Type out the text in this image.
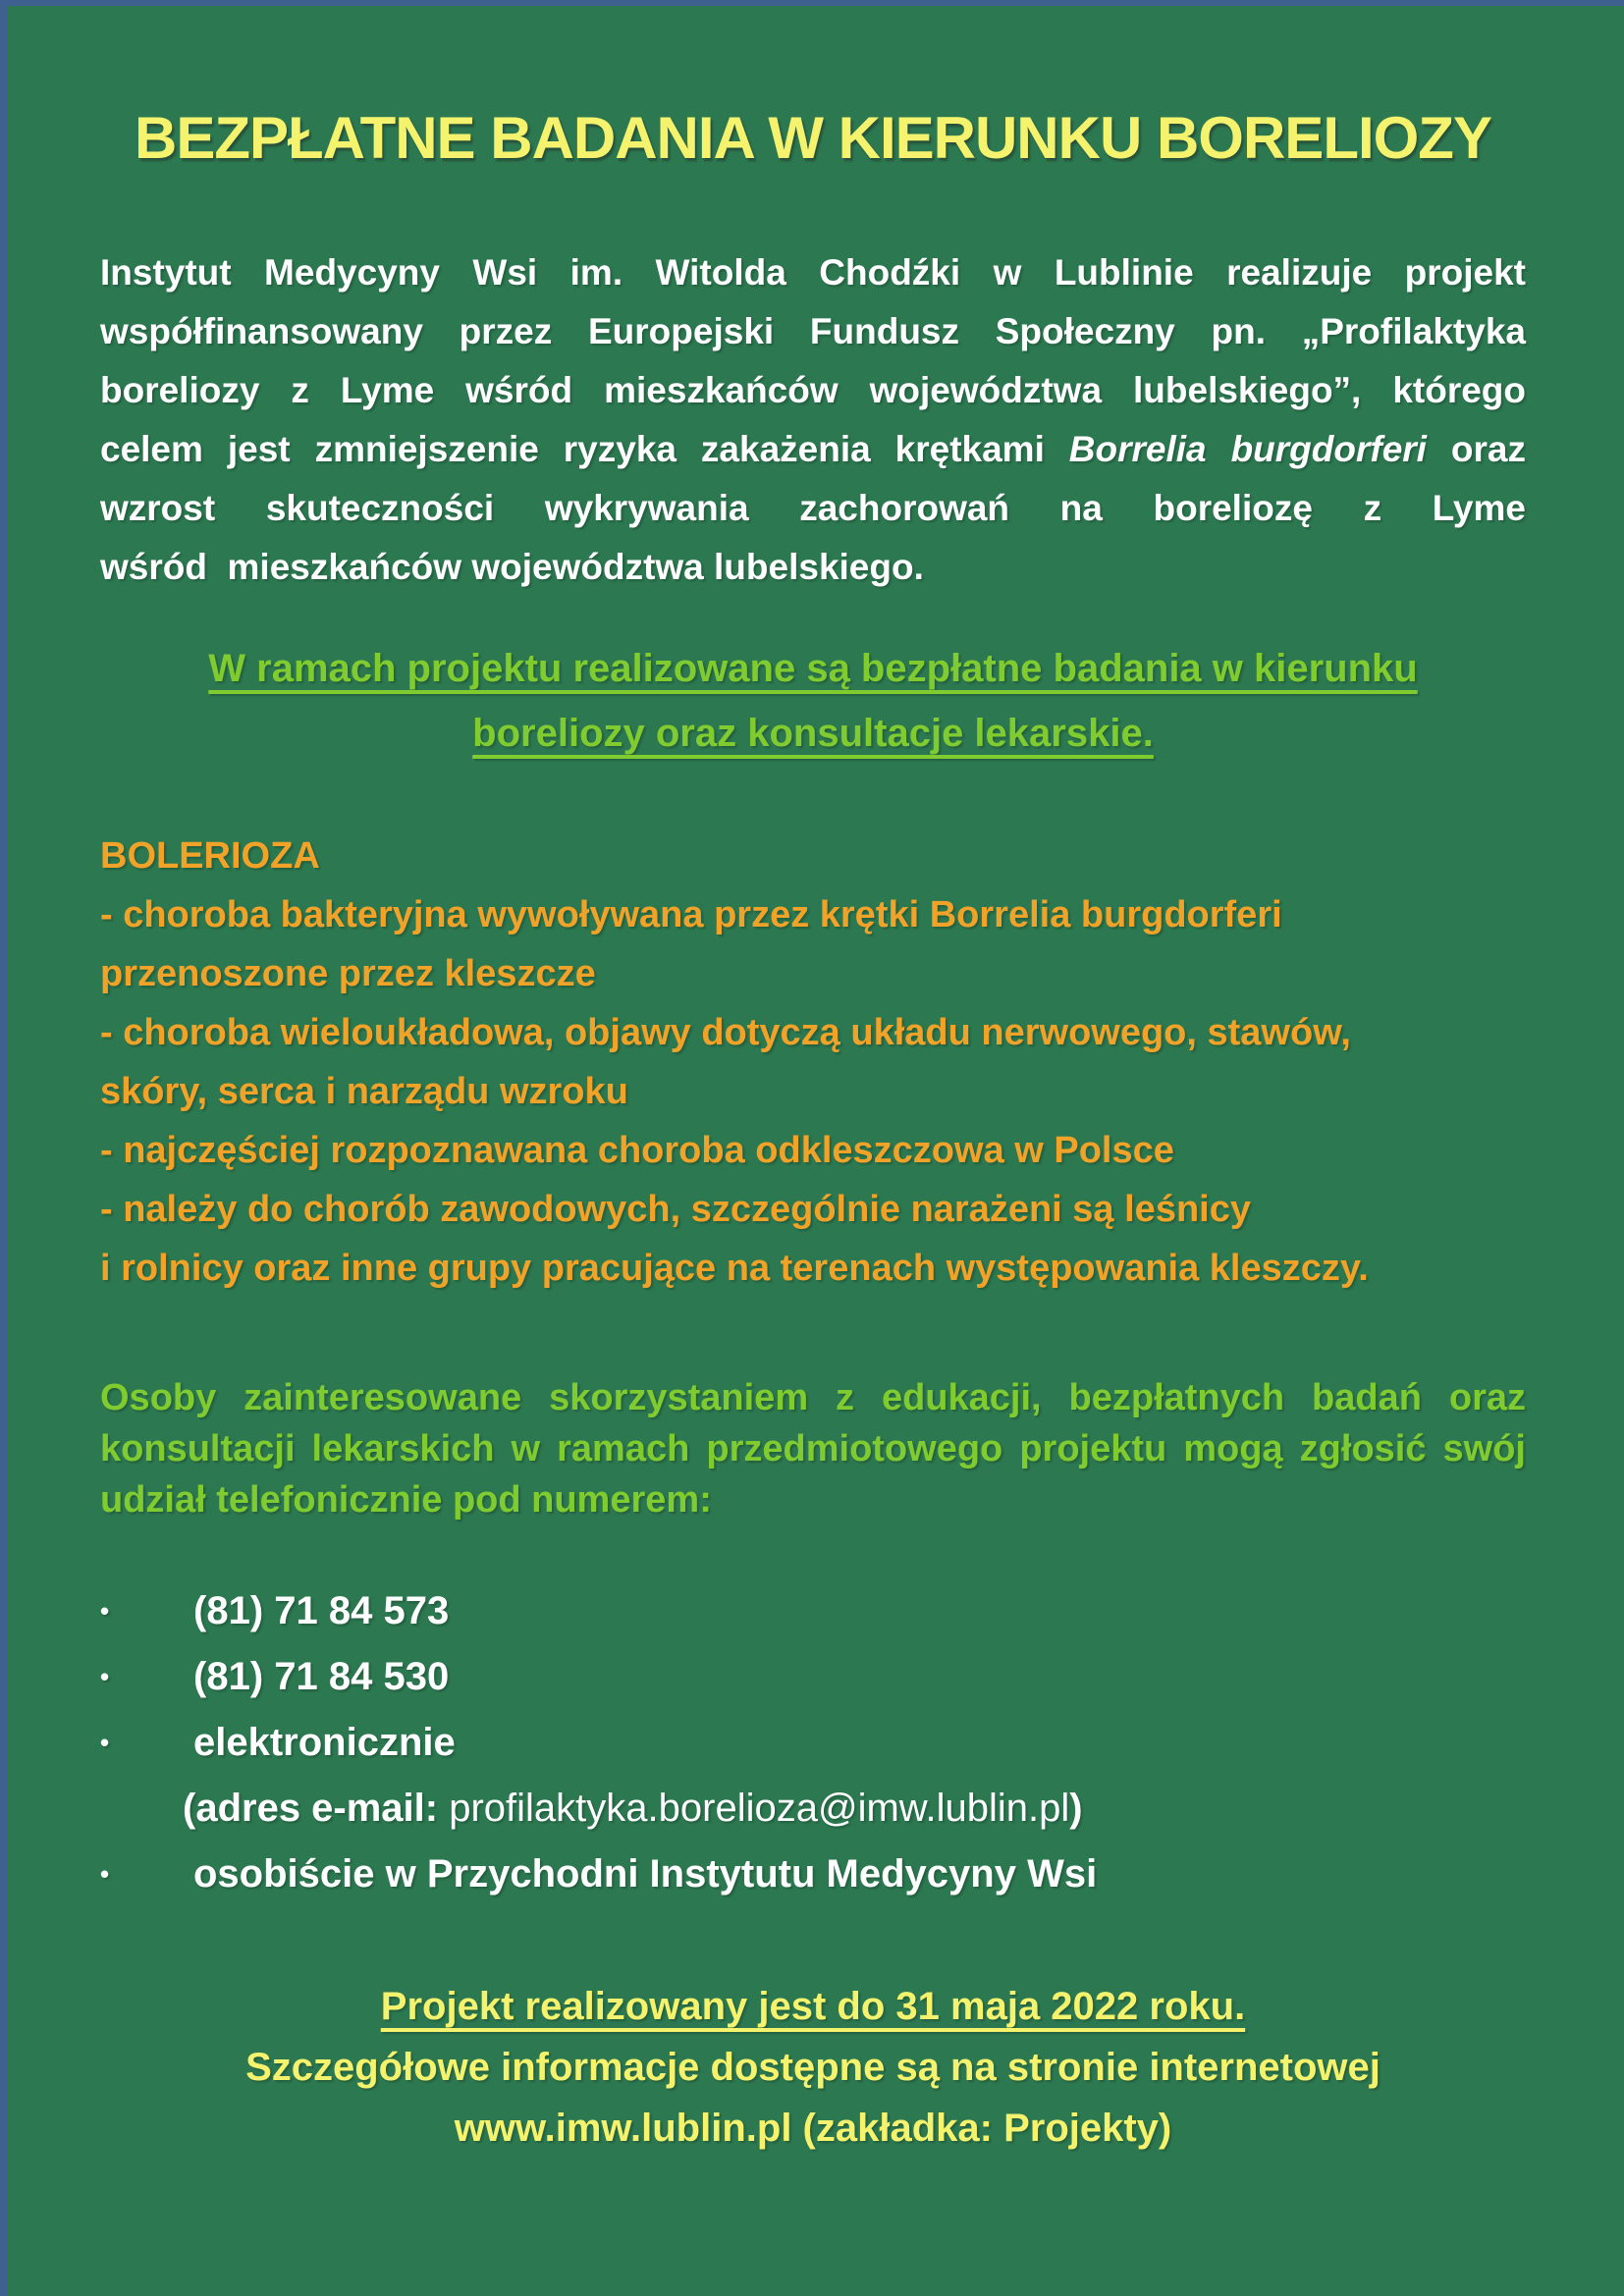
BEZPŁATNE BADANIA W KIERUNKU BORELIOZY
Instytut Medycyny Wsi im. Witolda Chodźki w Lublinie realizuje projekt
współfinansowany przez Europejski Fundusz Społeczny pn. „Profilaktyka
boreliozy z Lyme wśród mieszkańców województwa lubelskiego”, którego
celem jest zmniejszenie ryzyka zakażenia krętkami Borrelia burgdorferi oraz
wzrost skuteczności wykrywania zachorowań na boreliozę z Lyme
wśród  mieszkańców województwa lubelskiego.
W ramach projektu realizowane są bezpłatne badania w kierunku
boreliozy oraz konsultacje lekarskie.
BOLERIOZA
- choroba bakteryjna wywoływana przez krętki Borrelia burgdorferi
przenoszone przez kleszcze
- choroba wieloukładowa, objawy dotyczą układu nerwowego, stawów,
skóry, serca i narządu wzroku
- najczęściej rozpoznawana choroba odkleszczowa w Polsce
- należy do chorób zawodowych, szczególnie narażeni są leśnicy
i rolnicy oraz inne grupy pracujące na terenach występowania kleszczy.
Osoby zainteresowane skorzystaniem z edukacji, bezpłatnych badań oraz
konsultacji lekarskich w ramach przedmiotowego projektu mogą zgłosić swój
udział telefonicznie pod numerem:
•	(81) 71 84 573
•	(81) 71 84 530
•	elektronicznie
(adres e-mail: profilaktyka.borelioza@imw.lublin.pl)
•	osobiście w Przychodni Instytutu Medycyny Wsi
Projekt realizowany jest do 31 maja 2022 roku.
Szczegółowe informacje dostępne są na stronie internetowej
www.imw.lublin.pl (zakładka: Projekty)
